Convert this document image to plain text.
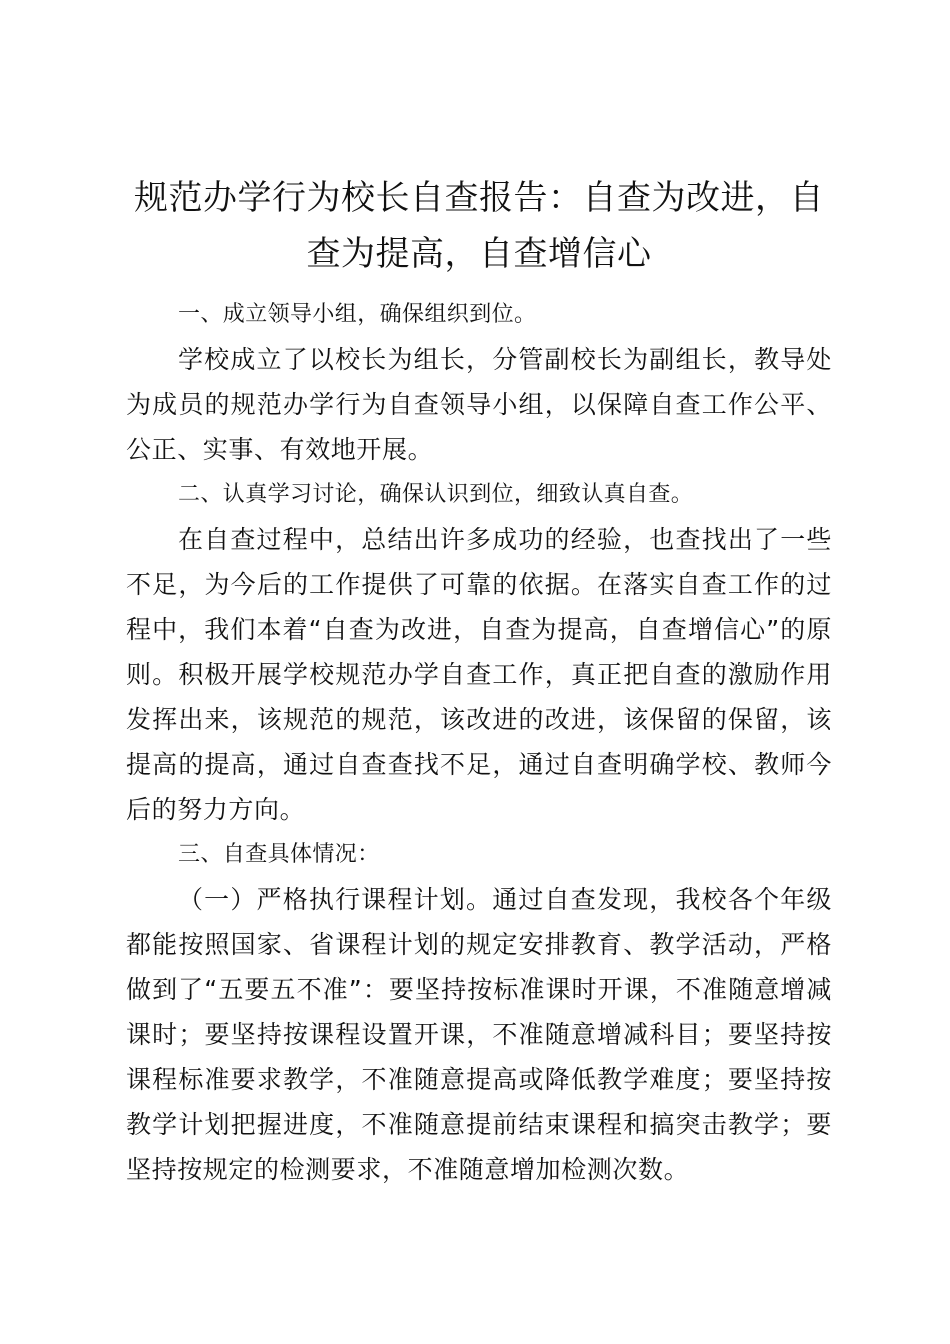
规范办学行为校长自查报告：自查为改进，自查为提高，自查增信心

一、成立领导小组，确保组织到位。

学校成立了以校长为组长，分管副校长为副组长，教导处为成员的规范办学行为自查领导小组，以保障自查工作公平、公正、实事、有效地开展。

二、认真学习讨论，确保认识到位，细致认真自查。

在自查过程中，总结出许多成功的经验，也查找出了一些不足，为今后的工作提供了可靠的依据。在落实自查工作的过程中，我们本着“自查为改进，自查为提高，自查增信心”的原则。积极开展学校规范办学自查工作，真正把自查的激励作用发挥出来，该规范的规范，该改进的改进，该保留的保留，该提高的提高，通过自查查找不足，通过自查明确学校、教师今后的努力方向。

三、自查具体情况：

（一）严格执行课程计划。通过自查发现，我校各个年级都能按照国家、省课程计划的规定安排教育、教学活动，严格做到了“五要五不准”：要坚持按标准课时开课，不准随意增减课时；要坚持按课程设置开课，不准随意增减科目；要坚持按课程标准要求教学，不准随意提高或降低教学难度；要坚持按教学计划把握进度，不准随意提前结束课程和搞突击教学；要坚持按规定的检测要求，不准随意增加检测次数。
